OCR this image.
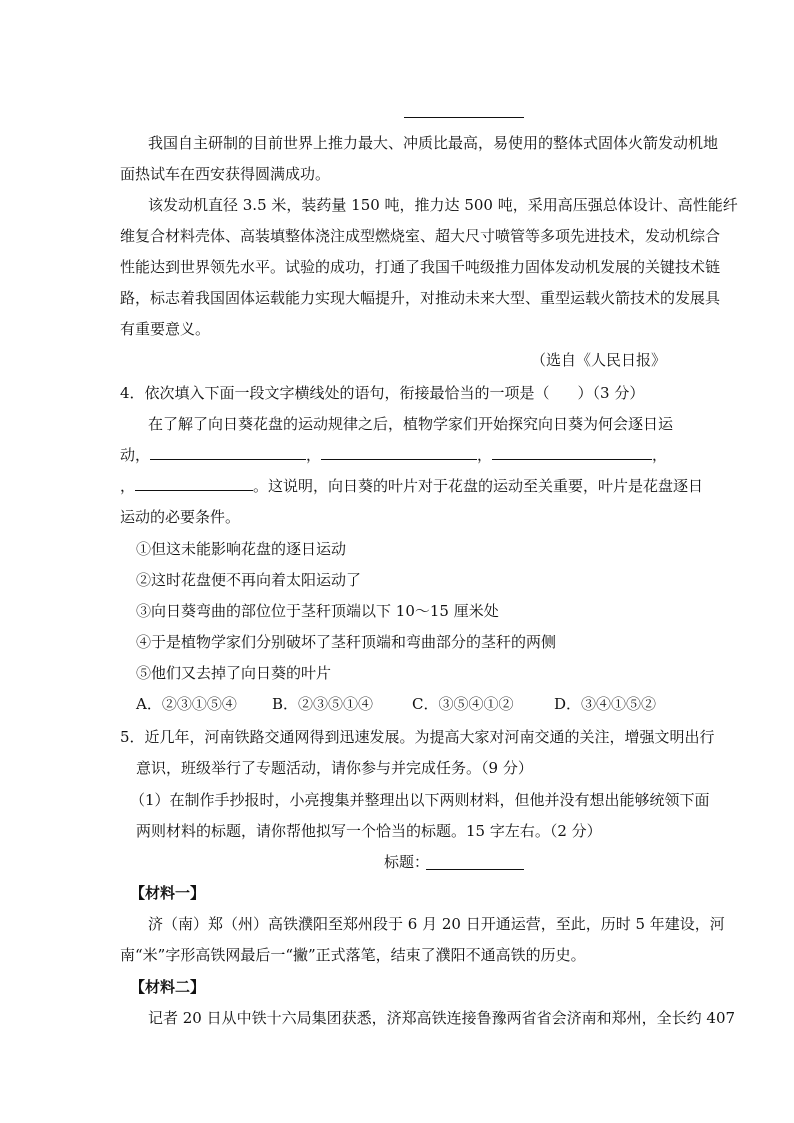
我国自主研制的目前世界上推力最大、冲质比最高，易使用的整体式固体火箭发动机地
面热试车在西安获得圆满成功。
该发动机直径 3.5 米，装药量 150 吨，推力达 500 吨，采用高压强总体设计、高性能纤
维复合材料壳体、高装填整体浇注成型燃烧室、超大尺寸喷管等多项先进技术，发动机综合
性能达到世界领先水平。试验的成功，打通了我国千吨级推力固体发动机发展的关键技术链
路，标志着我国固体运载能力实现大幅提升，对推动未来大型、重型运载火箭技术的发展具
有重要意义。
（选自《人民日报》
4．依次填入下面一段文字横线处的语句，衔接最恰当的一项是（ ）（3 分）
在了解了向日葵花盘的运动规律之后，植物学家们开始探究向日葵为何会逐日运
动，	，	，	，
，	。这说明，向日葵的叶片对于花盘的运动至关重要，叶片是花盘逐日
运动的必要条件。
①但这未能影响花盘的逐日运动
②这时花盘便不再向着太阳运动了
③向日葵弯曲的部位位于茎秆顶端以下 10～15 厘米处
④于是植物学家们分别破坏了茎秆顶端和弯曲部分的茎秆的两侧
⑤他们又去掉了向日葵的叶片
A．②③①⑤④ B．②③⑤①④	C．③⑤④①②	D．③④①⑤②
5．近几年，河南铁路交通网得到迅速发展。为提高大家对河南交通的关注，增强文明出行
意识，班级举行了专题活动，请你参与并完成任务。（9 分）
（1）在制作手抄报时，小亮搜集并整理出以下两则材料，但他并没有想出能够统领下面
两则材料的标题，请你帮他拟写一个恰当的标题。15 字左右。（2 分）
标题：
【材料一】
济（南）郑（州）高铁濮阳至郑州段于 6 月 20 日开通运营，至此，历时 5 年建设，河
南“米”字形高铁网最后一“撇”正式落笔，结束了濮阳不通高铁的历史。
【材料二】
记者 20 日从中铁十六局集团获悉，济郑高铁连接鲁豫两省省会济南和郑州，全长约 407
